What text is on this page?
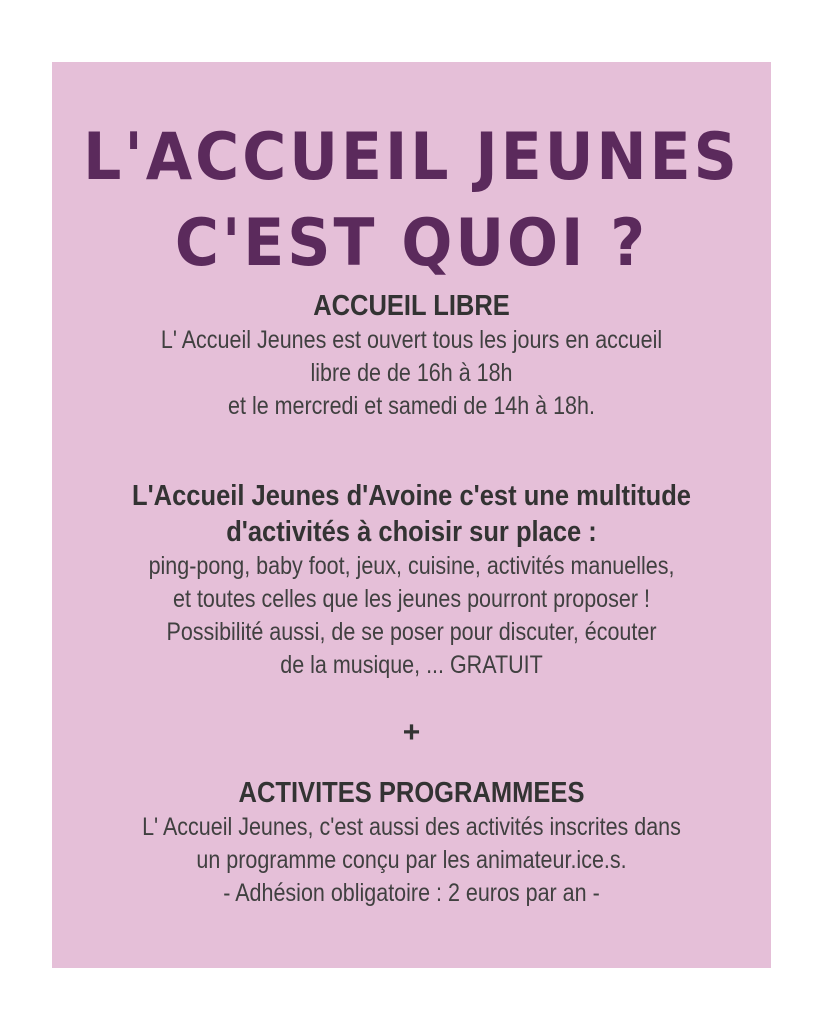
L'ACCUEIL JEUNES
C'EST QUOI ?
ACCUEIL LIBRE
L' Accueil Jeunes est ouvert tous les jours en accueil
libre de de 16h à 18h
et le mercredi et samedi de 14h à 18h.
L'Accueil Jeunes d'Avoine c'est une multitude
d'activités à choisir sur place :
ping-pong, baby foot, jeux, cuisine, activités manuelles,
et toutes celles que les jeunes pourront proposer !
Possibilité aussi, de se poser pour discuter, écouter
de la musique, ... GRATUIT
+
ACTIVITES PROGRAMMEES
L' Accueil Jeunes, c'est aussi des activités inscrites dans
un programme conçu par les animateur.ice.s.
- Adhésion obligatoire : 2 euros par an -
